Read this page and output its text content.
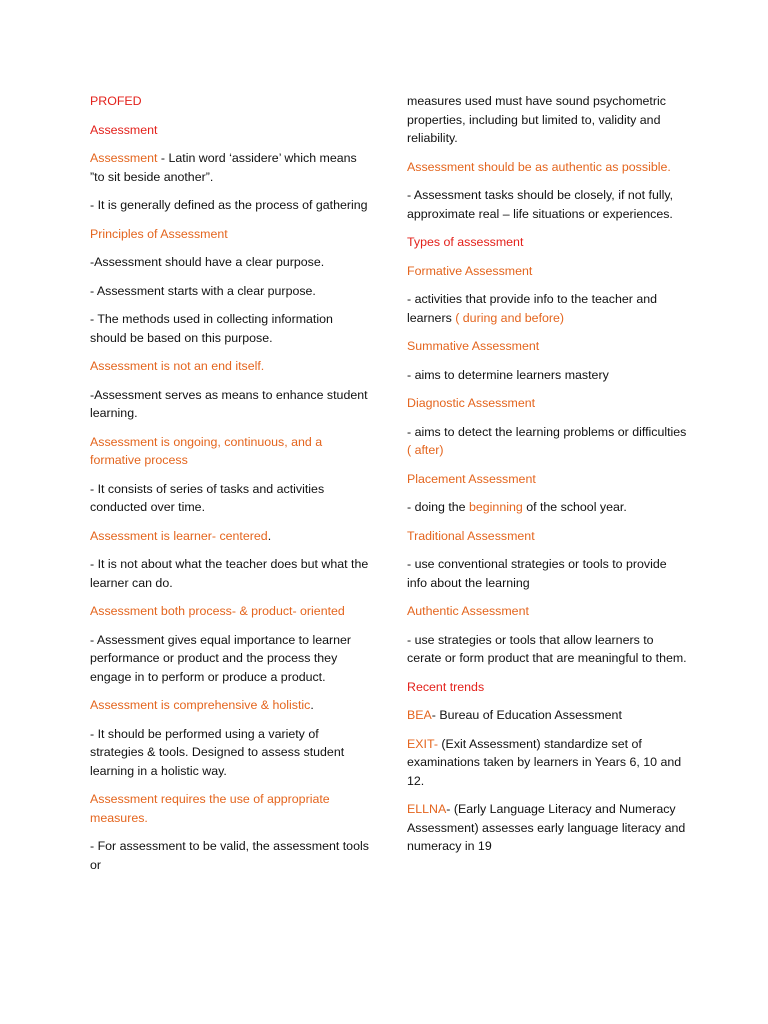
PROFED
Assessment
Assessment - Latin word ‘assidere’ which means ”to sit beside another”.
- It is generally defined as the process of gathering
Principles of Assessment
-Assessment should have a clear purpose.
- Assessment starts with a clear purpose.
- The methods used in collecting information should be based on this purpose.
Assessment is not an end itself.
-Assessment serves as means to enhance student learning.
Assessment is ongoing, continuous, and a formative process
- It consists of series of tasks and activities conducted over time.
Assessment is learner- centered.
- It is not about what the teacher does but what the learner can do.
Assessment both process- & product- oriented
- Assessment gives equal importance to learner performance or product and the process they engage in to perform or produce a product.
Assessment is comprehensive & holistic.
- It should be performed using a variety of strategies & tools. Designed to assess student learning in a holistic way.
Assessment requires the use of appropriate measures.
- For assessment to be valid, the assessment tools or
measures used must have sound psychometric properties, including but limited to, validity and reliability.
Assessment should be as authentic as possible.
- Assessment tasks should be closely, if not fully, approximate real – life situations or experiences.
Types of assessment
Formative Assessment
- activities that provide info to the teacher and learners ( during and before)
Summative Assessment
- aims to determine learners mastery
Diagnostic Assessment
- aims to detect the learning problems or difficulties ( after)
Placement Assessment
- doing the beginning of the school year.
Traditional Assessment
- use conventional strategies or tools to provide info about the learning
Authentic Assessment
- use strategies or tools that allow learners to cerate or form product that are meaningful to them.
Recent trends
BEA- Bureau of Education Assessment
EXIT- (Exit Assessment) standardize set of examinations taken by learners in Years 6, 10 and 12.
ELLNA- (Early Language Literacy and Numeracy Assessment) assesses early language literacy and numeracy in 19
